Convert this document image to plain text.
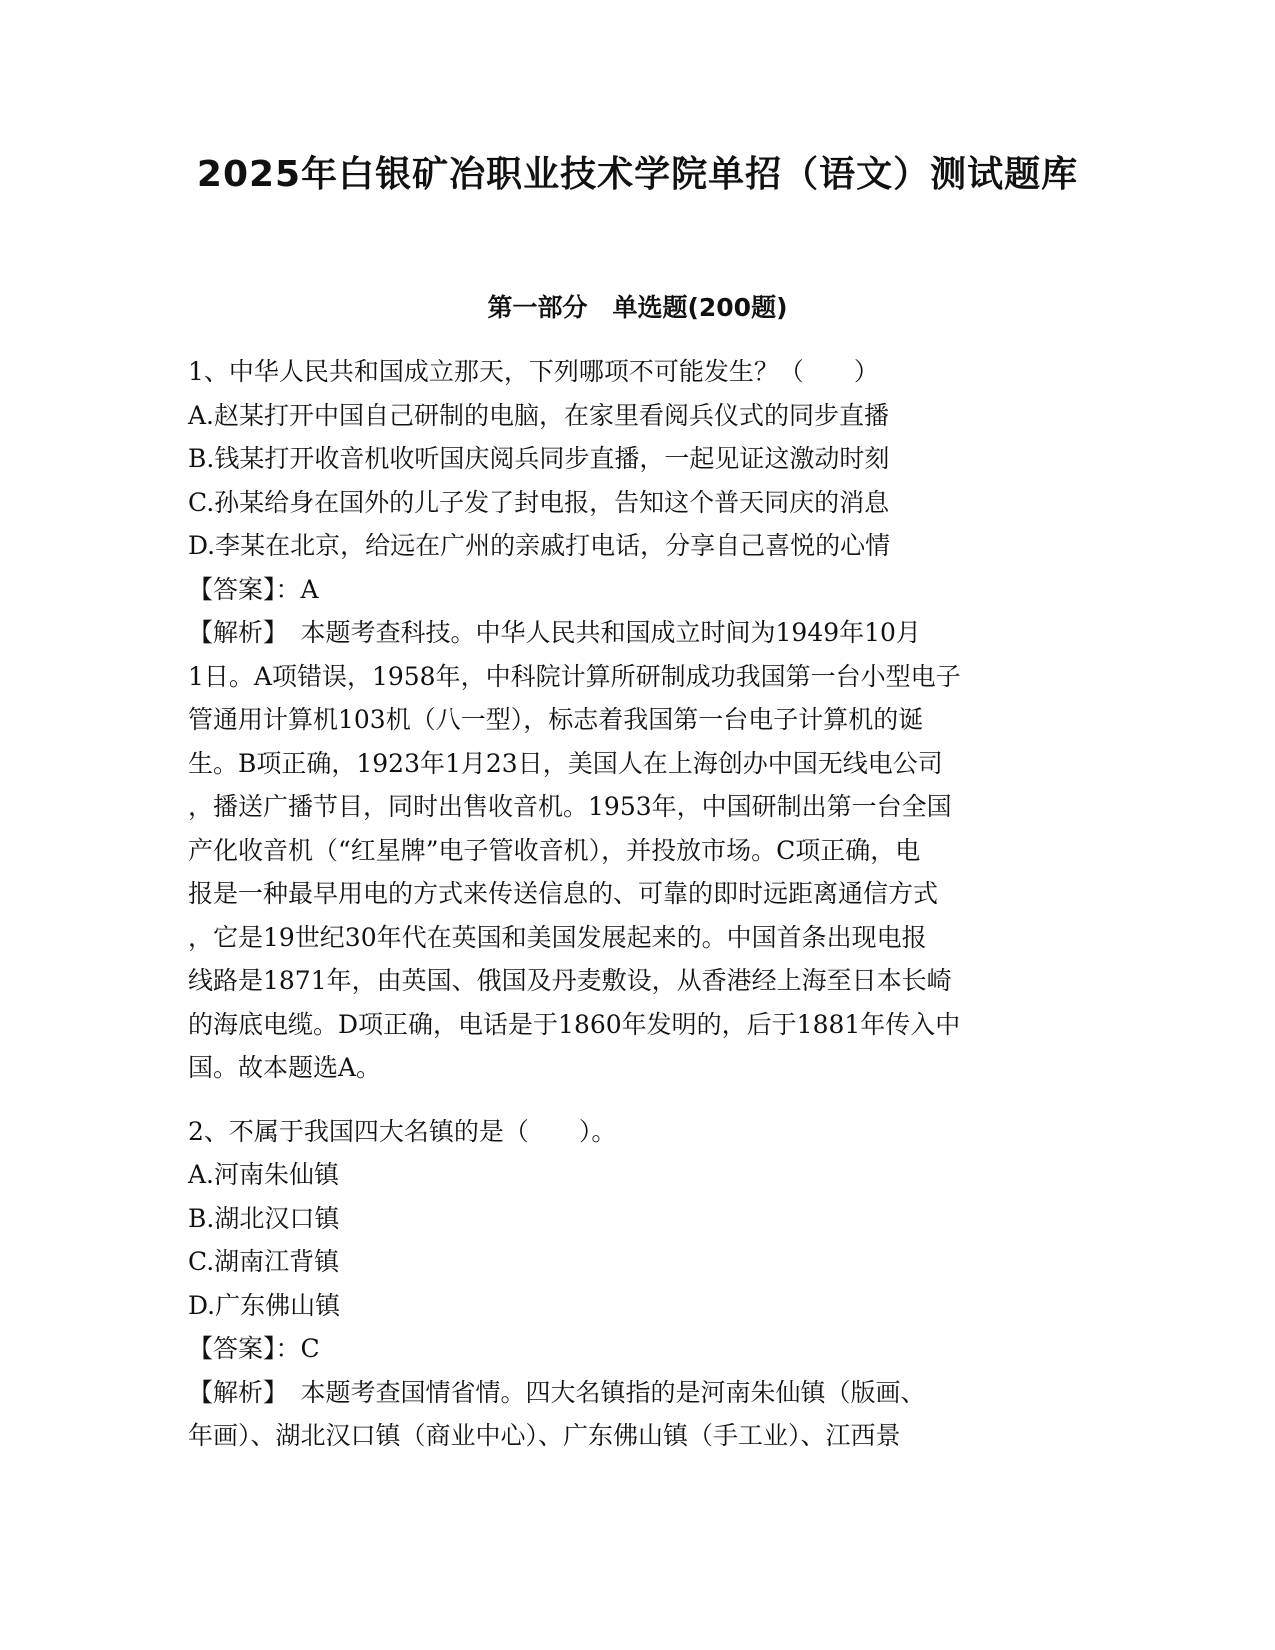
2025年白银矿冶职业技术学院单招（语文）测试题库
第一部分　单选题(200题)

1、中华人民共和国成立那天，下列哪项不可能发生？（　　）

A.赵某打开中国自己研制的电脑，在家里看阅兵仪式的同步直播

B.钱某打开收音机收听国庆阅兵同步直播，一起见证这激动时刻

C.孙某给身在国外的儿子发了封电报，告知这个普天同庆的消息

D.李某在北京，给远在广州的亲戚打电话，分享自己喜悦的心情

【答案】：A

【解析】　本题考查科技。中华人民共和国成立时间为1949年10月

1日。A项错误，1958年，中科院计算所研制成功我国第一台小型电子

管通用计算机103机（八一型），标志着我国第一台电子计算机的诞

生。B项正确，1923年1月23日，美国人在上海创办中国无线电公司

，播送广播节目，同时出售收音机。1953年，中国研制出第一台全国

产化收音机（“红星牌”电子管收音机），并投放市场。C项正确，电

报是一种最早用电的方式来传送信息的、可靠的即时远距离通信方式

，它是19世纪30年代在英国和美国发展起来的。中国首条出现电报

线路是1871年，由英国、俄国及丹麦敷设，从香港经上海至日本长崎

的海底电缆。D项正确，电话是于1860年发明的，后于1881年传入中

国。故本题选A。

2、不属于我国四大名镇的是（　　）。

A.河南朱仙镇

B.湖北汉口镇

C.湖南江背镇

D.广东佛山镇

【答案】：C

【解析】　本题考查国情省情。四大名镇指的是河南朱仙镇（版画、

年画）、湖北汉口镇（商业中心）、广东佛山镇（手工业）、江西景
